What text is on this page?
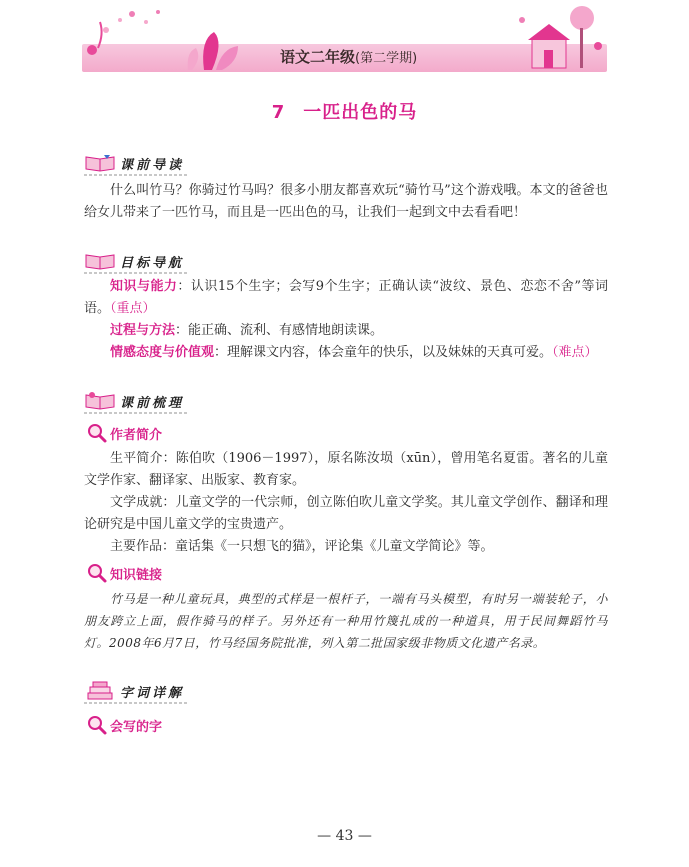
语文二年级(第二学期)
7 一匹出色的马
课前导读
什么叫竹马？你骑过竹马吗？很多小朋友都喜欢玩“骑竹马”这个游戏哦。本文的爸爸也给女儿带来了一匹竹马，而且是一匹出色的马，让我们一起到文中去看看吧！
目标导航
知识与能力：认识15个生字；会写9个生字；正确认读“波纹、景色、恋恋不舍”等词语。（重点）
过程与方法：能正确、流利、有感情地朗读课。
情感态度与价值观：理解课文内容，体会童年的快乐，以及妹妹的天真可爱。（难点）
课前梳理
作者简介
生平简介：陈伯吹（1906－1997），原名陈汝埙（xūn），曾用笔名夏雷。著名的儿童文学作家、翻译家、出版家、教育家。
文学成就：儿童文学的一代宗师，创立陈伯吹儿童文学奖。其儿童文学创作、翻译和理论研究是中国儿童文学的宝贵遗产。
主要作品：童话集《一只想飞的猫》，评论集《儿童文学简论》等。
知识链接
竹马是一种儿童玩具，典型的式样是一根杆子，一端有马头模型，有时另一端装轮子，小朋友跨立上面，假作骑马的样子。另外还有一种用竹篾扎成的一种道具，用于民间舞蹈竹马灯。2008年6月7日，竹马经国务院批准，列入第二批国家级非物质文化遗产名录。
字词详解
会写的字
— 43 —
